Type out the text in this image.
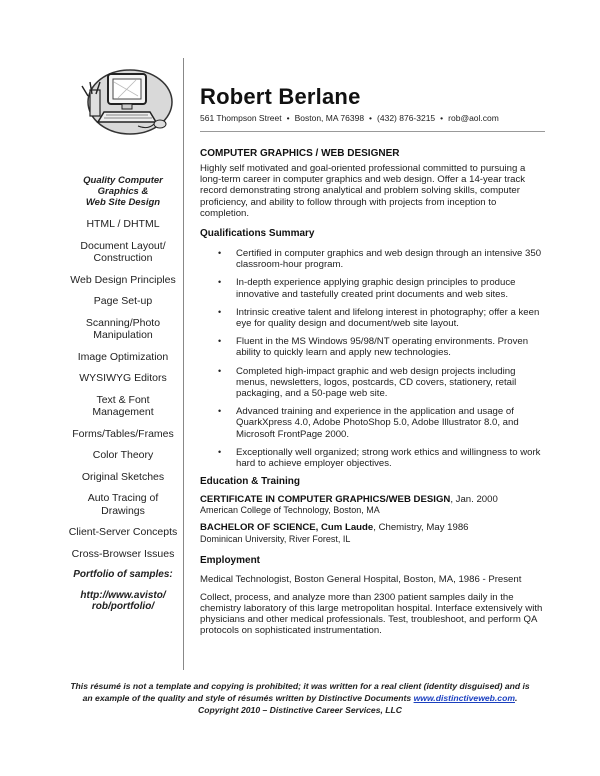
Quality Computer
Graphics &
Web Site Design
HTML / DHTML
Document Layout/
Construction
Web Design Principles
Page Set-up
Scanning/Photo
Manipulation
Image Optimization
WYSIWYG Editors
Text & Font
Management
Forms/Tables/Frames
Color Theory
Original Sketches
Auto Tracing of
Drawings
Client-Server Concepts
Cross-Browser Issues
Portfolio of samples:
http://www.avisto/
rob/portfolio/
Robert Berlane
561 Thompson Street • Boston, MA 76398 • (432) 876-3215 • rob@aol.com
COMPUTER GRAPHICS / WEB DESIGNER
Highly self motivated and goal-oriented professional committed to pursuing a long-term career in computer graphics and web design. Offer a 14-year track record demonstrating strong analytical and problem solving skills, computer proficiency, and ability to follow through with projects from inception to completion.
Qualifications Summary
• Certified in computer graphics and web design through an intensive 350 classroom-hour program.
• In-depth experience applying graphic design principles to produce innovative and tastefully created print documents and web sites.
• Intrinsic creative talent and lifelong interest in photography; offer a keen eye for quality design and document/web site layout.
• Fluent in the MS Windows 95/98/NT operating environments. Proven ability to quickly learn and apply new technologies.
• Completed high-impact graphic and web design projects including menus, newsletters, logos, postcards, CD covers, stationery, retail packaging, and a 50-page web site.
• Advanced training and experience in the application and usage of QuarkXpress 4.0, Adobe PhotoShop 5.0, Adobe Illustrator 8.0, and Microsoft FrontPage 2000.
• Exceptionally well organized; strong work ethics and willingness to work hard to achieve employer objectives.
Education & Training
CERTIFICATE IN COMPUTER GRAPHICS/WEB DESIGN, Jan. 2000
American College of Technology, Boston, MA
BACHELOR OF SCIENCE, Cum Laude, Chemistry, May 1986
Dominican University, River Forest, IL
Employment
Medical Technologist, Boston General Hospital, Boston, MA, 1986 - Present
Collect, process, and analyze more than 2300 patient samples daily in the chemistry laboratory of this large metropolitan hospital. Interface extensively with physicians and other medical professionals. Test, troubleshoot, and perform QA protocols on sophisticated instrumentation.
This résumé is not a template and copying is prohibited; it was written for a real client (identity disguised) and is
an example of the quality and style of résumés written by Distinctive Documents www.distinctiveweb.com.
Copyright 2010 – Distinctive Career Services, LLC
